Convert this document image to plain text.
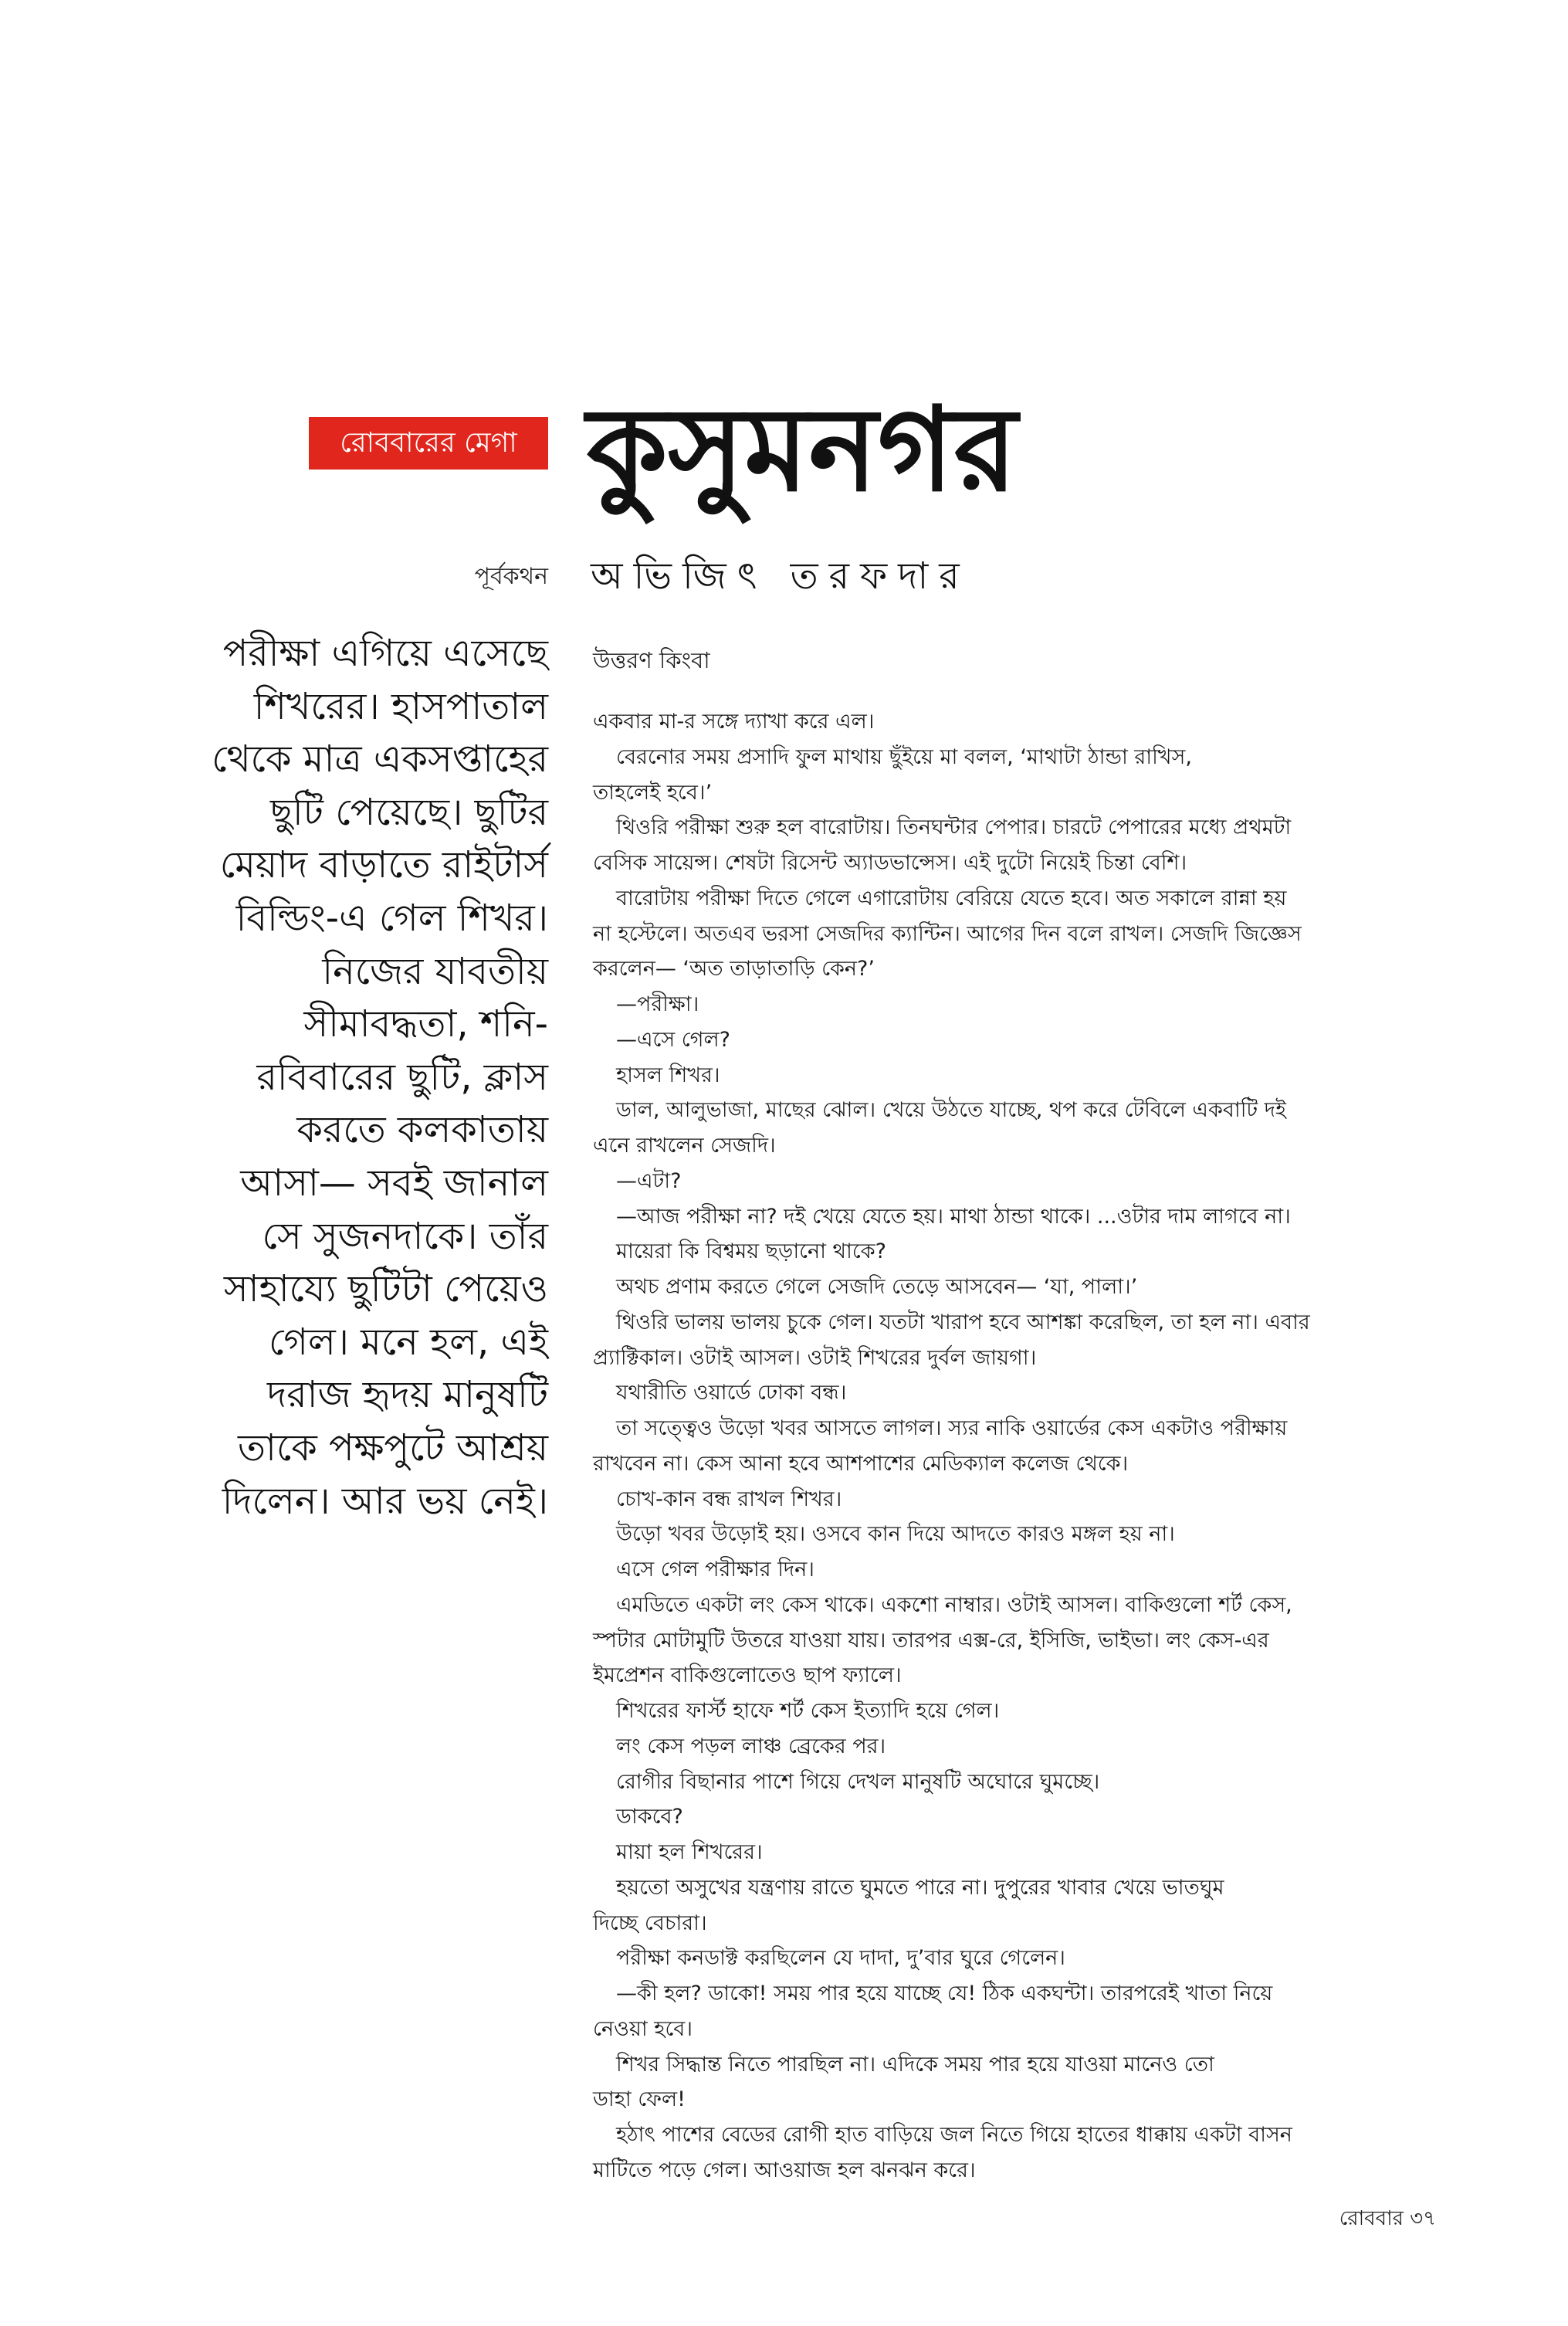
রোববারের মেগা কুসুমনগর
পূর্বকথন অভিজিৎ তরফদার
পরীক্ষা এগিয়ে এসেছে
শিখরের। হাসপাতাল
থেকে মাত্র একসপ্তাহের
ছুটি পেয়েছে। ছুটির
মেয়াদ বাড়াতে রাইটার্স
বিল্ডিং-এ গেল শিখর।
নিজের যাবতীয়
সীমাবদ্ধতা, শনি-
রবিবারের ছুটি, ক্লাস
করতে কলকাতায়
আসা— সবই জানাল
সে সুজনদাকে। তাঁর
সাহায্যে ছুটিটা পেয়েও
গেল। মনে হল, এই
দরাজ হৃদয় মানুষটি
তাকে পক্ষপুটে আশ্রয়
দিলেন। আর ভয় নেই।
উত্তরণ কিংবা
একবার মা-র সঙ্গে দ্যাখা করে এল।
বেরনোর সময় প্রসাদি ফুল মাথায় ছুঁইয়ে মা বলল, ‘মাথাটা ঠান্ডা রাখিস,
তাহলেই হবে।’
থিওরি পরীক্ষা শুরু হল বারোটায়। তিনঘন্টার পেপার। চারটে পেপারের মধ্যে প্রথমটা
বেসিক সায়েন্স। শেষটা রিসেন্ট অ্যাডভান্সেস। এই দুটো নিয়েই চিন্তা বেশি।
বারোটায় পরীক্ষা দিতে গেলে এগারোটায় বেরিয়ে যেতে হবে। অত সকালে রান্না হয়
না হস্টেলে। অতএব ভরসা সেজদির ক্যান্টিন। আগের দিন বলে রাখল। সেজদি জিজ্ঞেস
করলেন— ‘অত তাড়াতাড়ি কেন?’
—পরীক্ষা।
—এসে গেল?
হাসল শিখর।
ডাল, আলুভাজা, মাছের ঝোল। খেয়ে উঠতে যাচ্ছে, থপ করে টেবিলে একবাটি দই
এনে রাখলেন সেজদি।
—এটা?
—আজ পরীক্ষা না? দই খেয়ে যেতে হয়। মাথা ঠান্ডা থাকে। ...ওটার দাম লাগবে না।
মায়েরা কি বিশ্বময় ছড়ানো থাকে?
অথচ প্রণাম করতে গেলে সেজদি তেড়ে আসবেন— ‘যা, পালা।’
থিওরি ভালয় ভালয় চুকে গেল। যতটা খারাপ হবে আশঙ্কা করেছিল, তা হল না। এবার
প্র্যাক্টিকাল। ওটাই আসল। ওটাই শিখরের দুর্বল জায়গা।
যথারীতি ওয়ার্ডে ঢোকা বন্ধ।
তা সত্ত্বেও উড়ো খবর আসতে লাগল। স্যর নাকি ওয়ার্ডের কেস একটাও পরীক্ষায়
রাখবেন না। কেস আনা হবে আশপাশের মেডিক্যাল কলেজ থেকে।
চোখ-কান বন্ধ রাখল শিখর।
উড়ো খবর উড়োই হয়। ওসবে কান দিয়ে আদতে কারও মঙ্গল হয় না।
এসে গেল পরীক্ষার দিন।
এমডিতে একটা লং কেস থাকে। একশো নাম্বার। ওটাই আসল। বাকিগুলো শর্ট কেস,
স্পটার মোটামুটি উতরে যাওয়া যায়। তারপর এক্স-রে, ইসিজি, ভাইভা। লং কেস-এর
ইমপ্রেশন বাকিগুলোতেও ছাপ ফ্যালে।
শিখরের ফার্স্ট হাফে শর্ট কেস ইত্যাদি হয়ে গেল।
লং কেস পড়ল লাঞ্চ ব্রেকের পর।
রোগীর বিছানার পাশে গিয়ে দেখল মানুষটি অঘোরে ঘুমচ্ছে।
ডাকবে?
মায়া হল শিখরের।
হয়তো অসুখের যন্ত্রণায় রাতে ঘুমতে পারে না। দুপুরের খাবার খেয়ে ভাতঘুম
দিচ্ছে বেচারা।
পরীক্ষা কনডাক্ট করছিলেন যে দাদা, দু’বার ঘুরে গেলেন।
—কী হল? ডাকো! সময় পার হয়ে যাচ্ছে যে! ঠিক একঘন্টা। তারপরেই খাতা নিয়ে
নেওয়া হবে।
শিখর সিদ্ধান্ত নিতে পারছিল না। এদিকে সময় পার হয়ে যাওয়া মানেও তো
ডাহা ফেল!
হঠাৎ পাশের বেডের রোগী হাত বাড়িয়ে জল নিতে গিয়ে হাতের ধাক্কায় একটা বাসন
মাটিতে পড়ে গেল। আওয়াজ হল ঝনঝন করে।
রোববার ৩৭
